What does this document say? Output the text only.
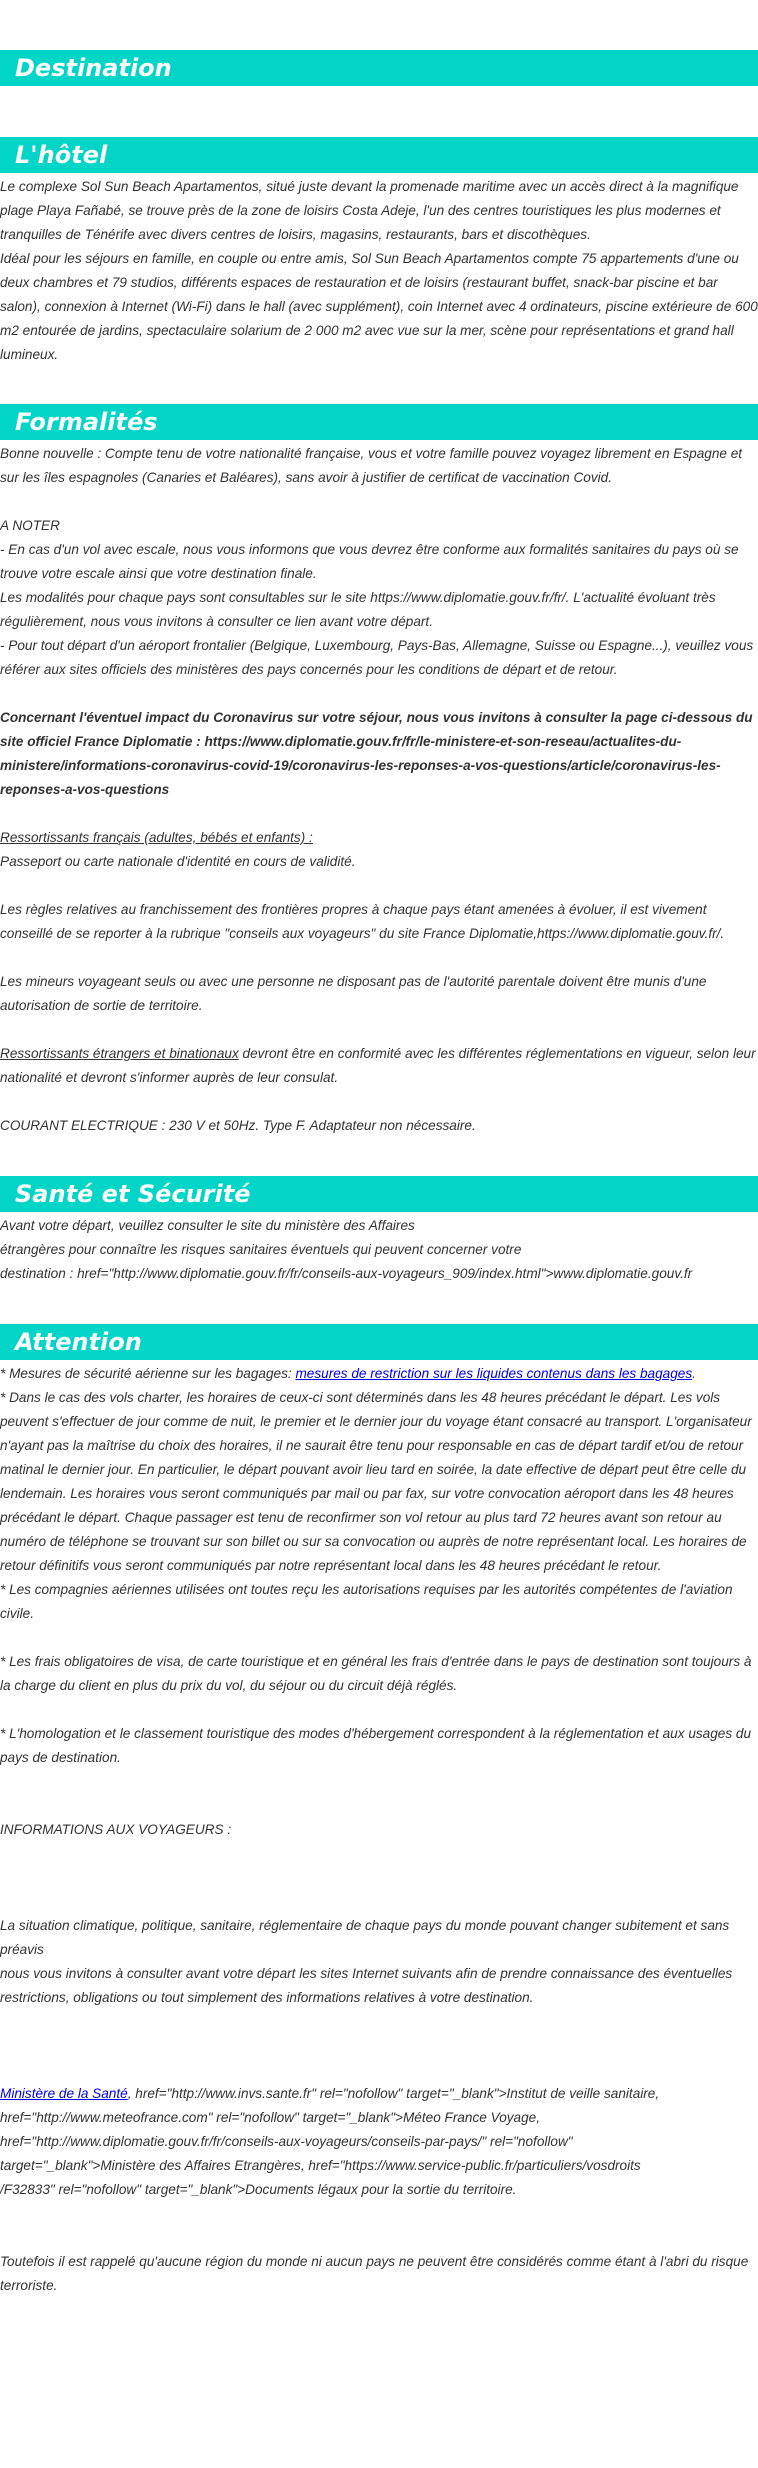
Destination
L'hôtel

Le complexe Sol Sun Beach Apartamentos, situé juste devant la promenade maritime avec un accès direct à la magnifique plage Playa Fañabé, se trouve près de la zone de loisirs Costa Adeje, l'un des centres touristiques les plus modernes et tranquilles de Ténérife avec divers centres de loisirs, magasins, restaurants, bars et discothèques.

Idéal pour les séjours en famille, en couple ou entre amis, Sol Sun Beach Apartamentos compte 75 appartements d'une ou deux chambres et 79 studios, différents espaces de restauration et de loisirs (restaurant buffet, snack-bar piscine et bar salon), connexion à Internet (Wi-Fi) dans le hall (avec supplément), coin Internet avec 4 ordinateurs, piscine extérieure de 600 m2 entourée de jardins, spectaculaire solarium de 2 000 m2 avec vue sur la mer, scène pour représentations et grand hall lumineux.

Formalités

Bonne nouvelle : Compte tenu de votre nationalité française, vous et votre famille pouvez voyagez librement en Espagne et sur les îles espagnoles (Canaries et Baléares), sans avoir à justifier de certificat de vaccination Covid.

A NOTER

- En cas d'un vol avec escale, nous vous informons que vous devrez être conforme aux formalités sanitaires du pays où se trouve votre escale ainsi que votre destination finale.

Les modalités pour chaque pays sont consultables sur le site https://www.diplomatie.gouv.fr/fr/. L'actualité évoluant très régulièrement, nous vous invitons à consulter ce lien avant votre départ.

- Pour tout départ d'un aéroport frontalier (Belgique, Luxembourg, Pays-Bas, Allemagne, Suisse ou Espagne...), veuillez vous référer aux sites officiels des ministères des pays concernés pour les conditions de départ et de retour.

Concernant l'éventuel impact du Coronavirus sur votre séjour, nous vous invitons à consulter la page ci-dessous du site officiel France Diplomatie : https://www.diplomatie.gouv.fr/fr/le-ministere-et-son-reseau/actualites-du-ministere/informations-coronavirus-covid-19/coronavirus-les-reponses-a-vos-questions/article/coronavirus-les-reponses-a-vos-questions

Ressortissants français (adultes, bébés et enfants) :

Passeport ou carte nationale d'identité en cours de validité.

Les règles relatives au franchissement des frontières propres à chaque pays étant amenées à évoluer, il est vivement conseillé de se reporter à la rubrique "conseils aux voyageurs" du site France Diplomatie,https://www.diplomatie.gouv.fr/.

Les mineurs voyageant seuls ou avec une personne ne disposant pas de l'autorité parentale doivent être munis d'une autorisation de sortie de territoire.

Ressortissants étrangers et binationaux devront être en conformité avec les différentes réglementations en vigueur, selon leur nationalité et devront s'informer auprès de leur consulat.

COURANT ELECTRIQUE : 230 V et 50Hz. Type F. Adaptateur non nécessaire.

Santé et Sécurité

Avant votre départ, veuillez consulter le site du ministère des Affaires

étrangères pour connaître les risques sanitaires éventuels qui peuvent concerner votre

destination : href="http://www.diplomatie.gouv.fr/fr/conseils-aux-voyageurs_909/index.html">www.diplomatie.gouv.fr

Attention

* Mesures de sécurité aérienne sur les bagages: mesures de restriction sur les liquides contenus dans les bagages.

* Dans le cas des vols charter, les horaires de ceux-ci sont déterminés dans les 48 heures précédant le départ. Les vols peuvent s'effectuer de jour comme de nuit, le premier et le dernier jour du voyage étant consacré au transport. L'organisateur n'ayant pas la maîtrise du choix des horaires, il ne saurait être tenu pour responsable en cas de départ tardif et/ou de retour matinal le dernier jour. En particulier, le départ pouvant avoir lieu tard en soirée, la date effective de départ peut être celle du lendemain. Les horaires vous seront communiqués par mail ou par fax, sur votre convocation aéroport dans les 48 heures précédant le départ. Chaque passager est tenu de reconfirmer son vol retour au plus tard 72 heures avant son retour au numéro de téléphone se trouvant sur son billet ou sur sa convocation ou auprès de notre représentant local. Les horaires de retour définitifs vous seront communiqués par notre représentant local dans les 48 heures précédant le retour.

* Les compagnies aériennes utilisées ont toutes reçu les autorisations requises par les autorités compétentes de l'aviation civile.

* Les frais obligatoires de visa, de carte touristique et en général les frais d'entrée dans le pays de destination sont toujours à la charge du client en plus du prix du vol, du séjour ou du circuit déjà réglés.

* L'homologation et le classement touristique des modes d'hébergement correspondent à la réglementation et aux usages du pays de destination.

INFORMATIONS AUX VOYAGEURS :

La situation climatique, politique, sanitaire, réglementaire de chaque pays du monde pouvant changer subitement et sans préavis

nous vous invitons à consulter avant votre départ les sites Internet suivants afin de prendre connaissance des éventuelles restrictions, obligations ou tout simplement des informations relatives à votre destination.

Ministère de la Santé, href="http://www.invs.sante.fr" rel="nofollow" target="_blank">Institut de veille sanitaire,

href="http://www.meteofrance.com" rel="nofollow" target="_blank">Méteo France Voyage,

href="http://www.diplomatie.gouv.fr/fr/conseils-aux-voyageurs/conseils-par-pays/" rel="nofollow"

target="_blank">Ministère des Affaires Etrangères, href="https://www.service-public.fr/particuliers/vosdroits

/F32833" rel="nofollow" target="_blank">Documents légaux pour la sortie du territoire.

Toutefois il est rappelé qu'aucune région du monde ni aucun pays ne peuvent être considérés comme étant à l'abri du risque terroriste.
